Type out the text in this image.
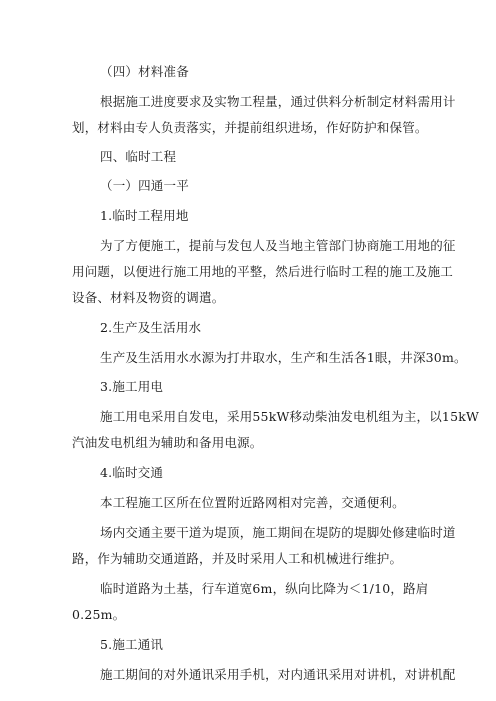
（四）材料准备
根据施工进度要求及实物工程量，通过供料分析制定材料需用计
划，材料由专人负责落实，并提前组织进场，作好防护和保管。
四、临时工程
（一）四通一平
1.临时工程用地
为了方便施工，提前与发包人及当地主管部门协商施工用地的征
用问题，以便进行施工用地的平整，然后进行临时工程的施工及施工
设备、材料及物资的调遣。
2.生产及生活用水
生产及生活用水水源为打井取水，生产和生活各1眼，井深30m。
3.施工用电
施工用电采用自发电，采用55kW移动柴油发电机组为主，以15kW
汽油发电机组为辅助和备用电源。
4.临时交通
本工程施工区所在位置附近路网相对完善，交通便利。
场内交通主要干道为堤顶，施工期间在堤防的堤脚处修建临时道
路，作为辅助交通道路，并及时采用人工和机械进行维护。
临时道路为土基，行车道宽6m，纵向比降为＜1/10，路肩
0.25m。
5.施工通讯
施工期间的对外通讯采用手机，对内通讯采用对讲机，对讲机配
